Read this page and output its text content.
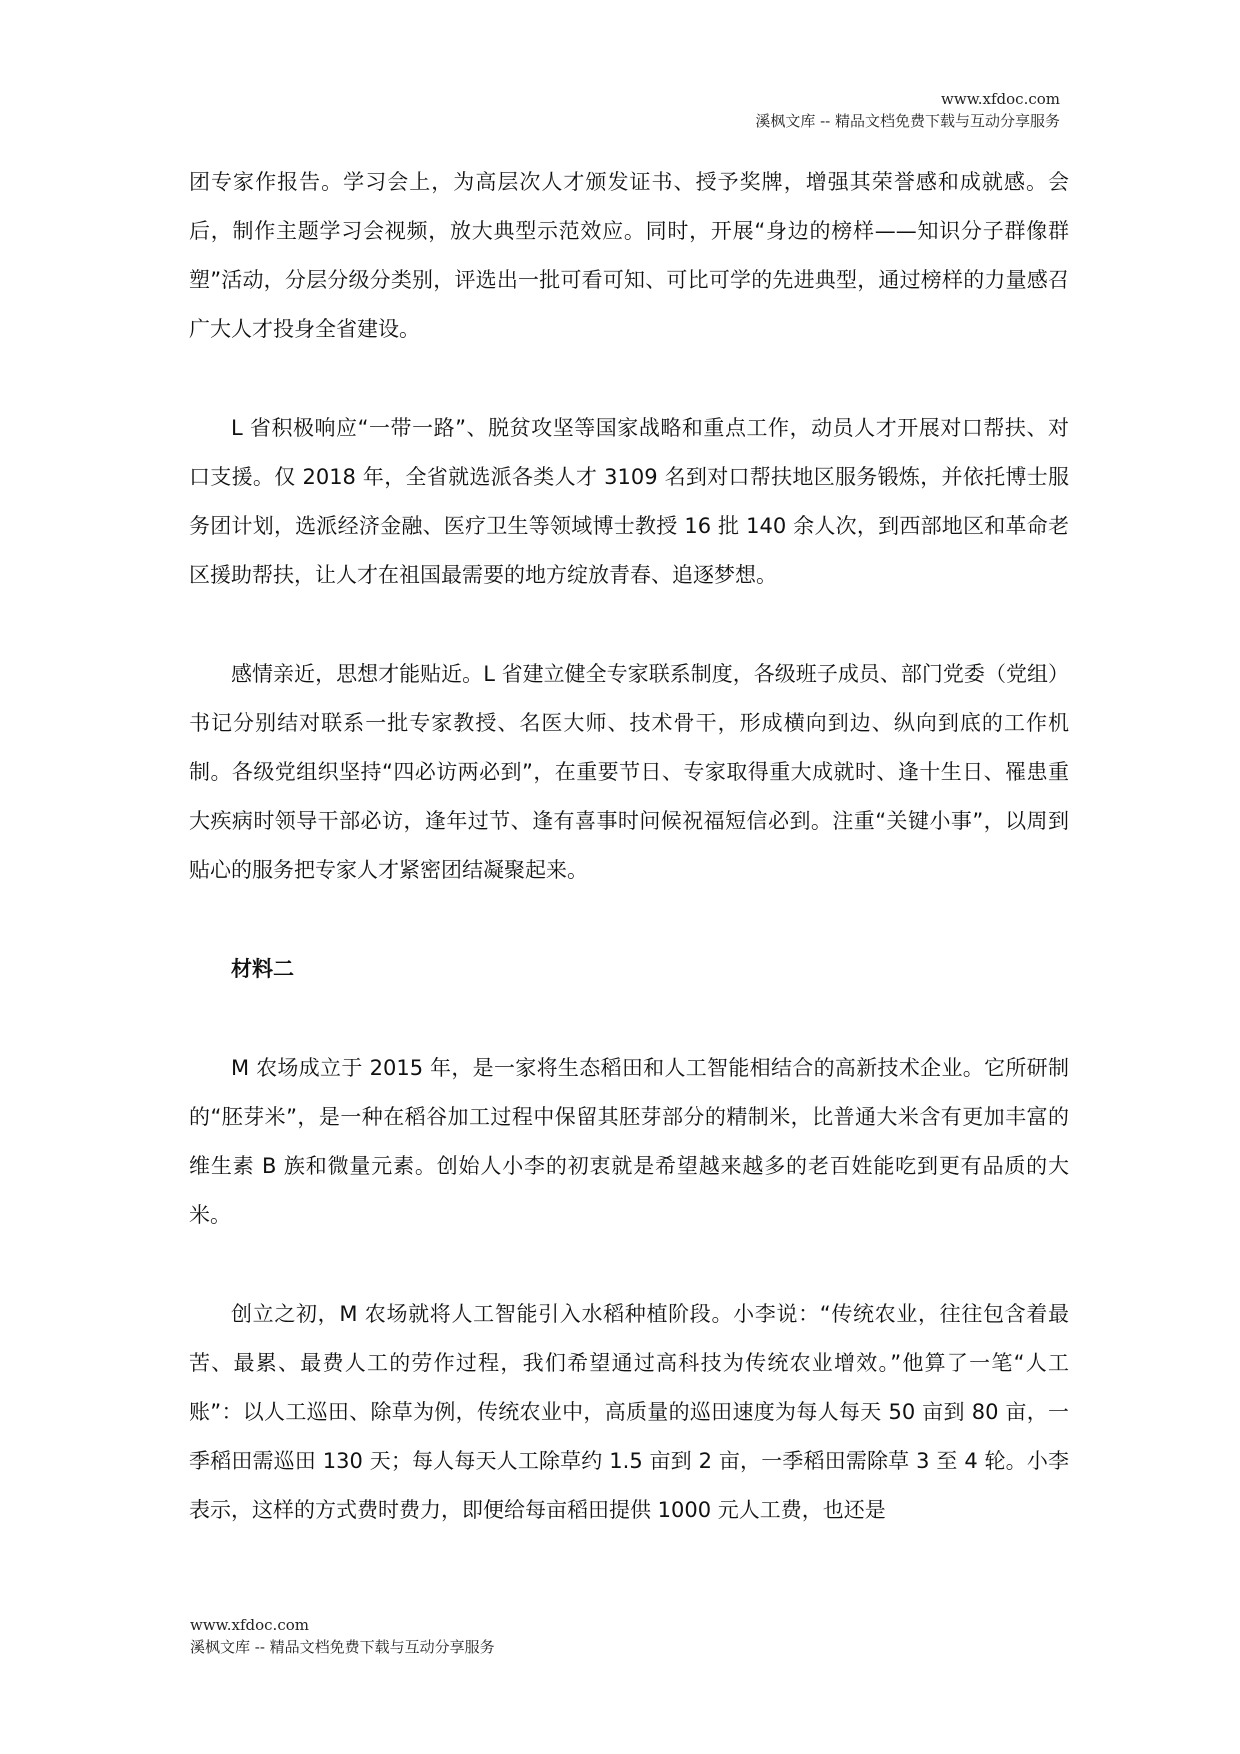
www.xfdoc.com
溪枫文库 -- 精品文档免费下载与互动分享服务

团专家作报告。学习会上，为高层次人才颁发证书、授予奖牌，增强其荣誉感和成就感。会后，制作主题学习会视频，放大典型示范效应。同时，开展“身边的榜样——知识分子群像群塑”活动，分层分级分类别，评选出一批可看可知、可比可学的先进典型，通过榜样的力量感召广大人才投身全省建设。

L 省积极响应“一带一路”、脱贫攻坚等国家战略和重点工作，动员人才开展对口帮扶、对口支援。仅 2018 年，全省就选派各类人才 3109 名到对口帮扶地区服务锻炼，并依托博士服务团计划，选派经济金融、医疗卫生等领域博士教授 16 批 140 余人次，到西部地区和革命老区援助帮扶，让人才在祖国最需要的地方绽放青春、追逐梦想。

感情亲近，思想才能贴近。L 省建立健全专家联系制度，各级班子成员、部门党委（党组）书记分别结对联系一批专家教授、名医大师、技术骨干，形成横向到边、纵向到底的工作机制。各级党组织坚持“四必访两必到”，在重要节日、专家取得重大成就时、逢十生日、罹患重大疾病时领导干部必访，逢年过节、逢有喜事时问候祝福短信必到。注重“关键小事”，以周到贴心的服务把专家人才紧密团结凝聚起来。

材料二

M 农场成立于 2015 年，是一家将生态稻田和人工智能相结合的高新技术企业。它所研制的“胚芽米”，是一种在稻谷加工过程中保留其胚芽部分的精制米，比普通大米含有更加丰富的维生素 B 族和微量元素。创始人小李的初衷就是希望越来越多的老百姓能吃到更有品质的大米。

创立之初，M 农场就将人工智能引入水稻种植阶段。小李说：“传统农业，往往包含着最苦、最累、最费人工的劳作过程，我们希望通过高科技为传统农业增效。”他算了一笔“人工账”：以人工巡田、除草为例，传统农业中，高质量的巡田速度为每人每天 50 亩到 80 亩，一季稻田需巡田 130 天；每人每天人工除草约 1.5 亩到 2 亩，一季稻田需除草 3 至 4 轮。小李表示，这样的方式费时费力，即便给每亩稻田提供 1000 元人工费，也还是

www.xfdoc.com
溪枫文库 -- 精品文档免费下载与互动分享服务
